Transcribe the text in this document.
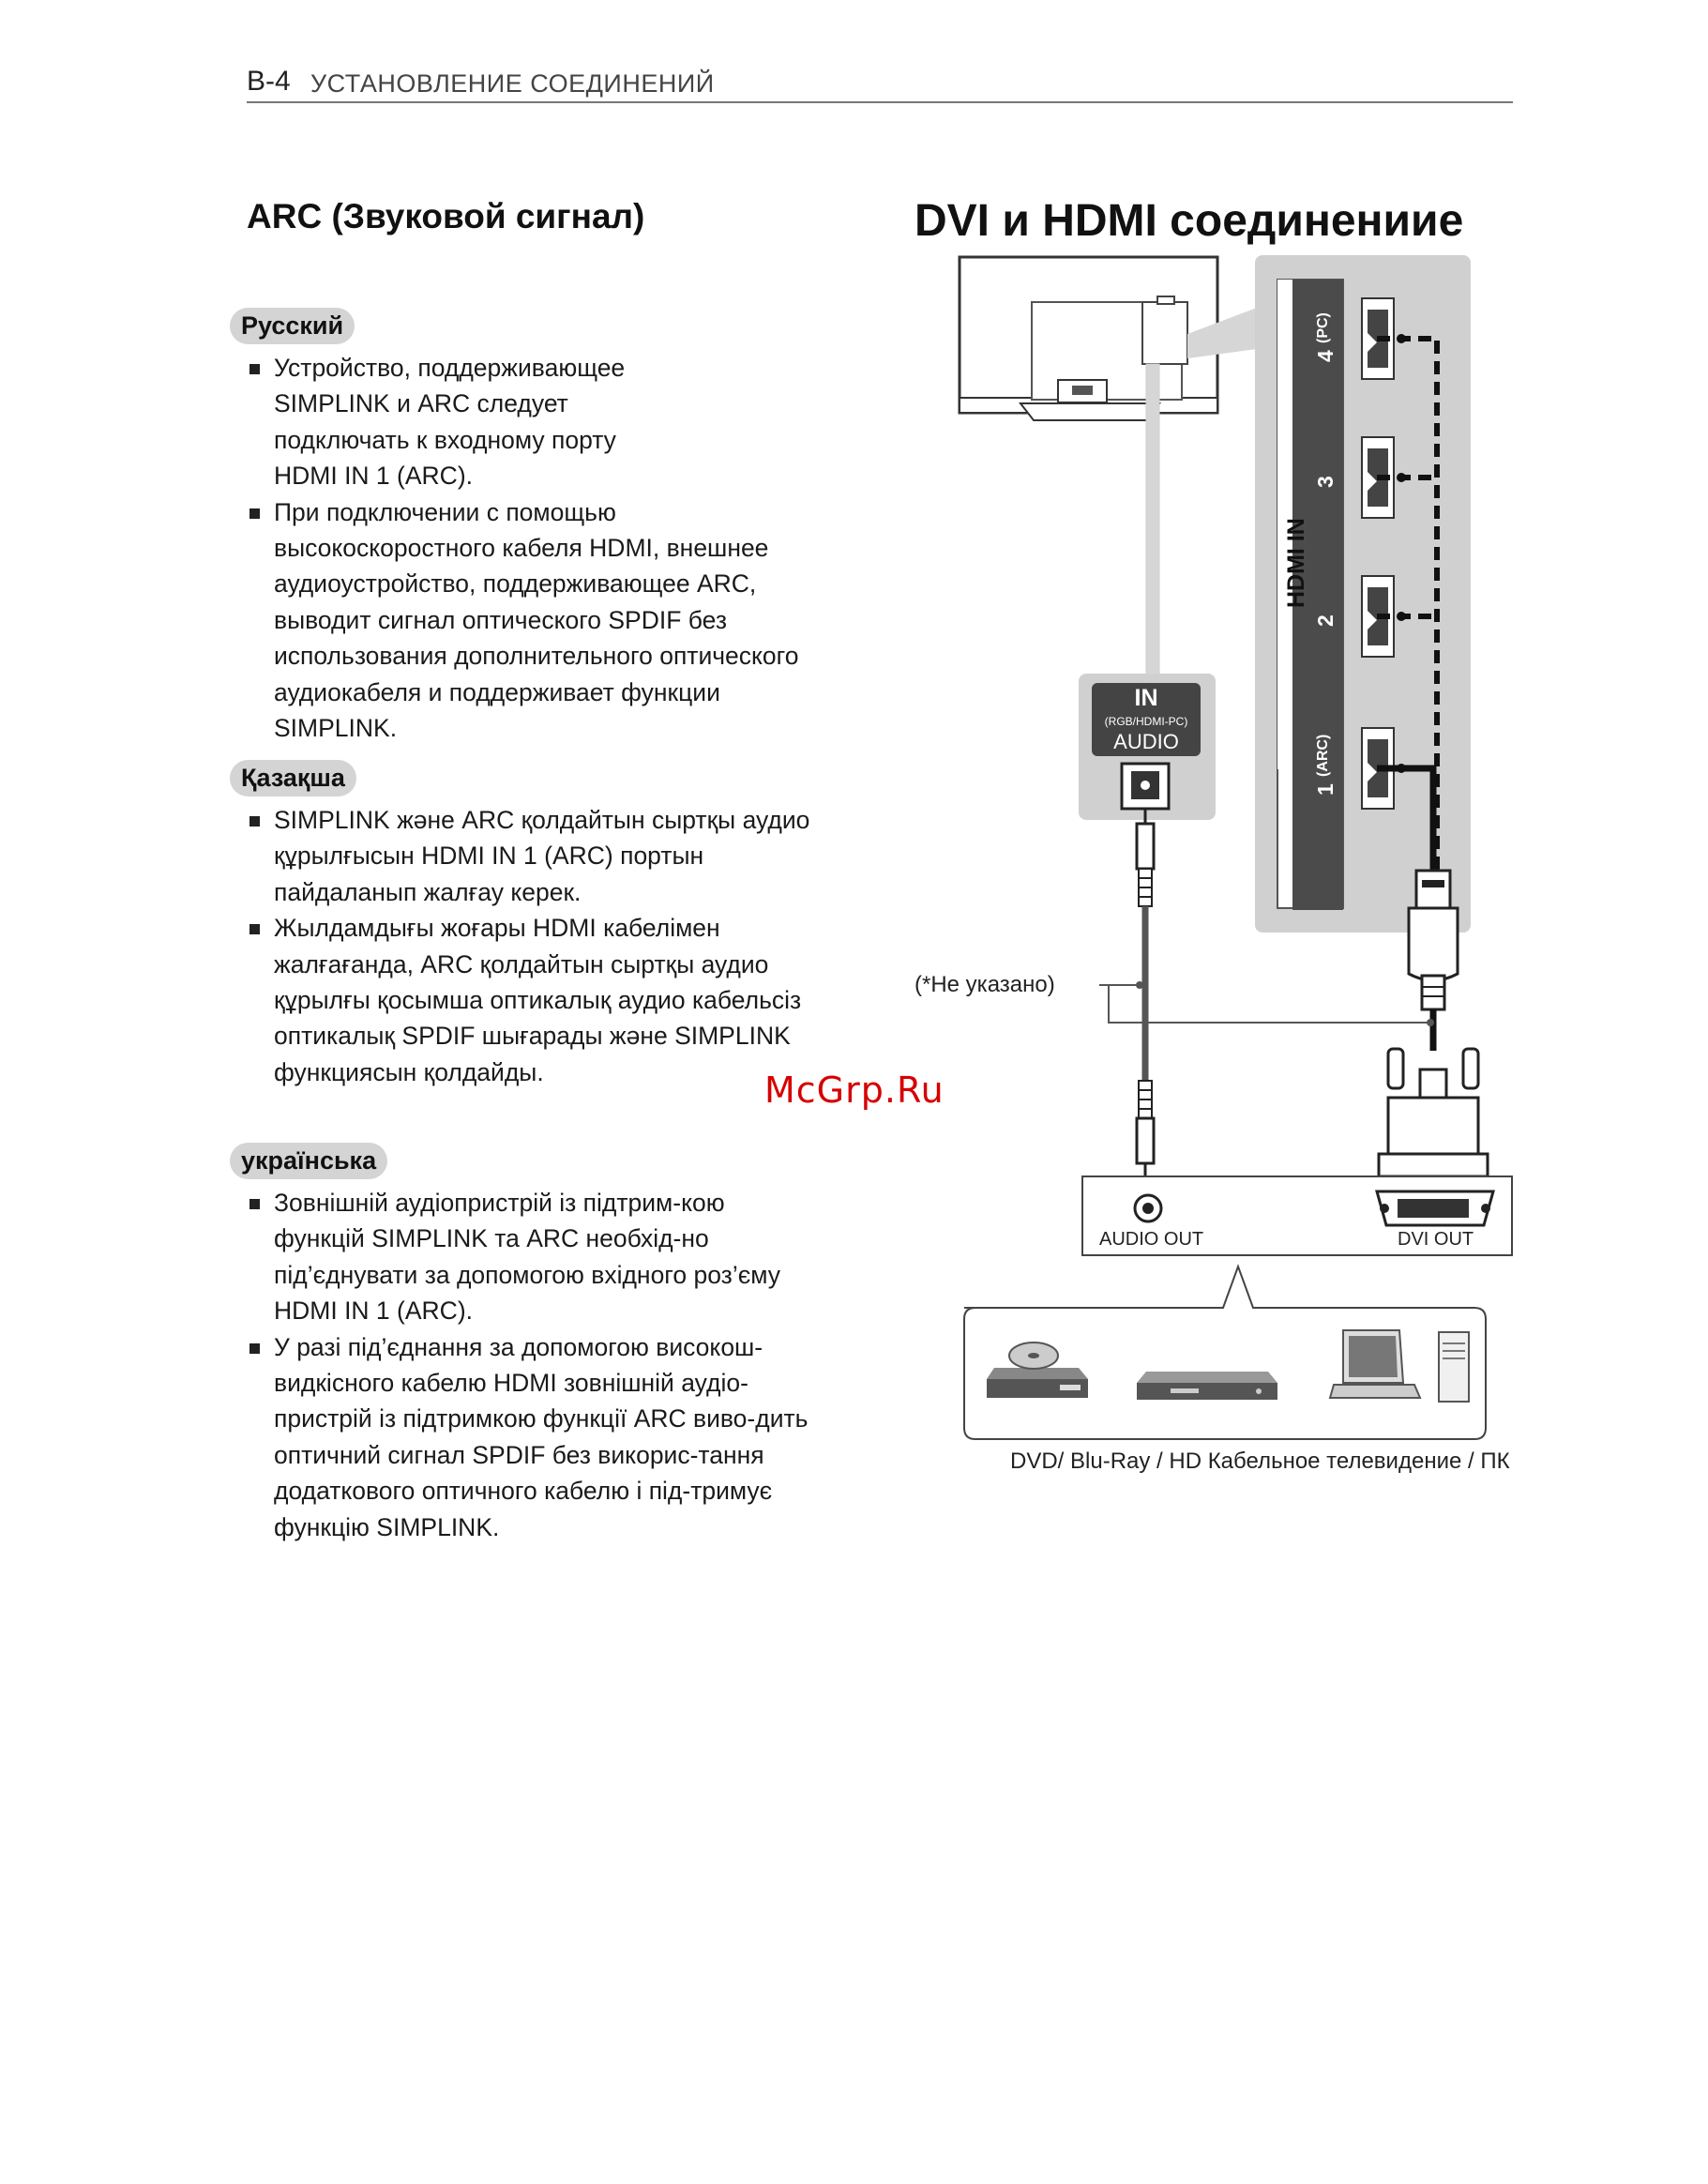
B-4 УСТАНОВЛЕНИЕ СОЕДИНЕНИЙ
ARC (Звуковой сигнал)
Русский
Устройство, поддерживающее SIMPLINK и ARC следует подключать к входному порту HDMI IN 1 (ARC).
При подключении с помощью высокоскоростного кабеля HDMI, внешнее аудиоустройство, поддерживающее ARC, выводит сигнал оптического SPDIF без использования дополнительного оптического аудиокабеля и поддерживает функции SIMPLINK.
Қазақша
SIMPLINK және ARC қолдайтын сыртқы аудио құрылғысын HDMI IN 1 (ARC) портын пайдаланып жалғау керек.
Жылдамдығы жоғары HDMI кабелімен жалғағанда, ARC қолдайтын сыртқы аудио құрылғы қосымша оптикалық аудио кабельсіз оптикалық SPDIF шығарады және SIMPLINK функциясын қолдайды.
українська
Зовнішній аудіопристрій із підтрим-кою функцій SIMPLINK та ARC необхід-но під’єднувати за допомогою вхідного роз’єму HDMI IN 1 (ARC).
У разі під’єднання за допомогою високош-видкісного кабелю HDMI зовнішній аудіо-пристрій із підтримкою функції ARC виво-дить оптичний сигнал SPDIF без викорис-тання додаткового оптичного кабелю і під-тримує функцію SIMPLINK.
DVI и HDMI соединениие
HDMI IN
4
(PC)
3
2
1
(ARC)
IN
(RGB/HDMI-PC)
AUDIO
(*Не указано)
AUDIO OUT	DVI OUT
DVD/ Blu-Ray / HD Кабельное телевидение / ПК
McGrp.Ru
